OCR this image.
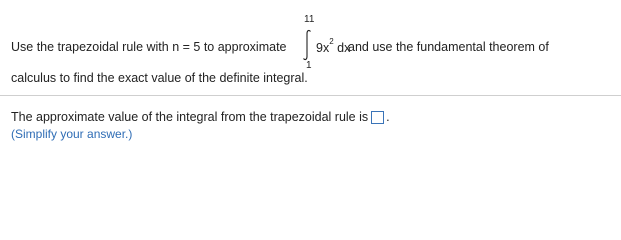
Use the trapezoidal rule with n = 5 to approximate
11
1
$9x^2$ dx
and use the fundamental theorem of
calculus to find the exact value of the definite integral.
The approximate value of the integral from the trapezoidal rule is .
(Simplify your answer.)
